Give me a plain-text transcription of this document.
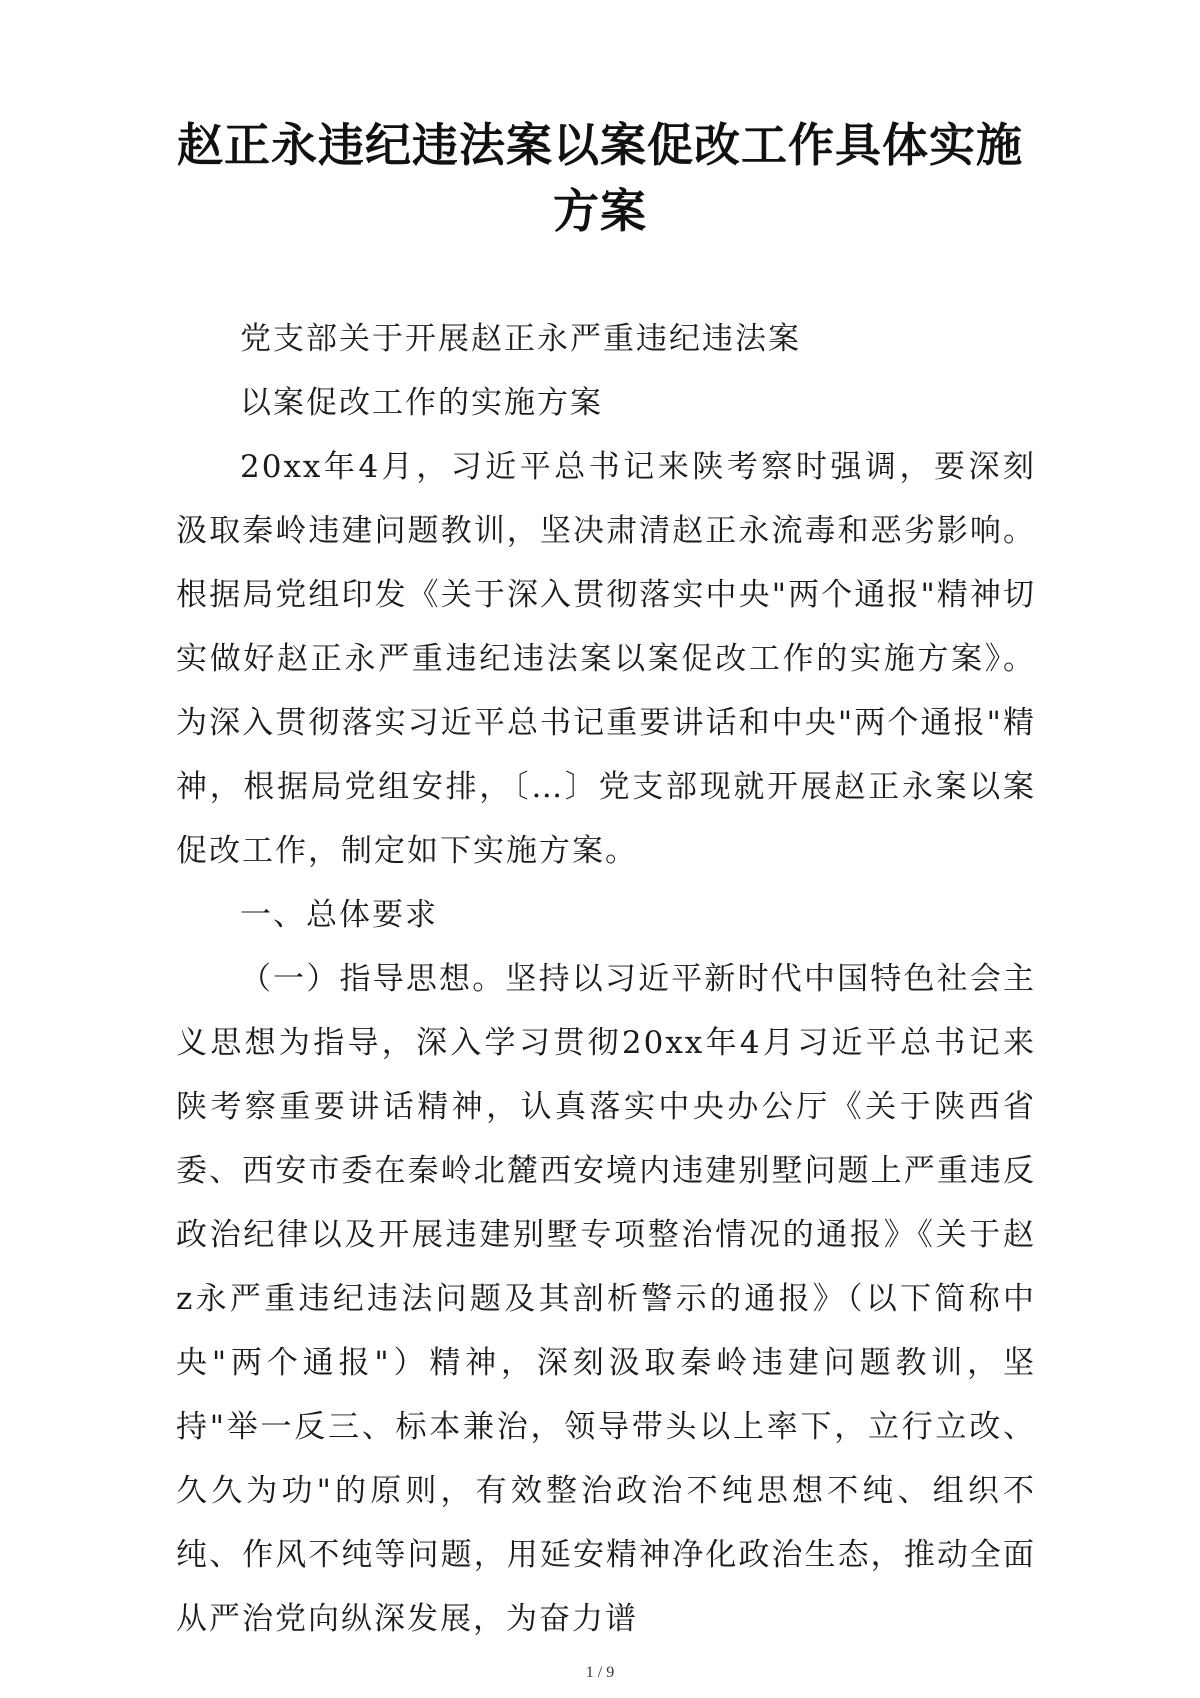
赵正永违纪违法案以案促改工作具体实施方案

党支部关于开展赵正永严重违纪违法案

以案促改工作的实施方案

20xx年4月，习近平总书记来陕考察时强调，要深刻汲取秦岭违建问题教训，坚决肃清赵正永流毒和恶劣影响。根据局党组印发《关于深入贯彻落实中央"两个通报"精神切实做好赵正永严重违纪违法案以案促改工作的实施方案》。为深入贯彻落实习近平总书记重要讲话和中央"两个通报"精神，根据局党组安排，〔…〕党支部现就开展赵正永案以案促改工作，制定如下实施方案。

一、总体要求

（一）指导思想。坚持以习近平新时代中国特色社会主义思想为指导，深入学习贯彻20xx年4月习近平总书记来陕考察重要讲话精神，认真落实中央办公厅《关于陕西省委、西安市委在秦岭北麓西安境内违建别墅问题上严重违反政治纪律以及开展违建别墅专项整治情况的通报》《关于赵z永严重违纪违法问题及其剖析警示的通报》（以下简称中央"两个通报"）精神，深刻汲取秦岭违建问题教训，坚持"举一反三、标本兼治，领导带头以上率下，立行立改、久久为功"的原则，有效整治政治不纯思想不纯、组织不纯、作风不纯等问题，用延安精神净化政治生态，推动全面从严治党向纵深发展，为奋力谱

1 / 9
